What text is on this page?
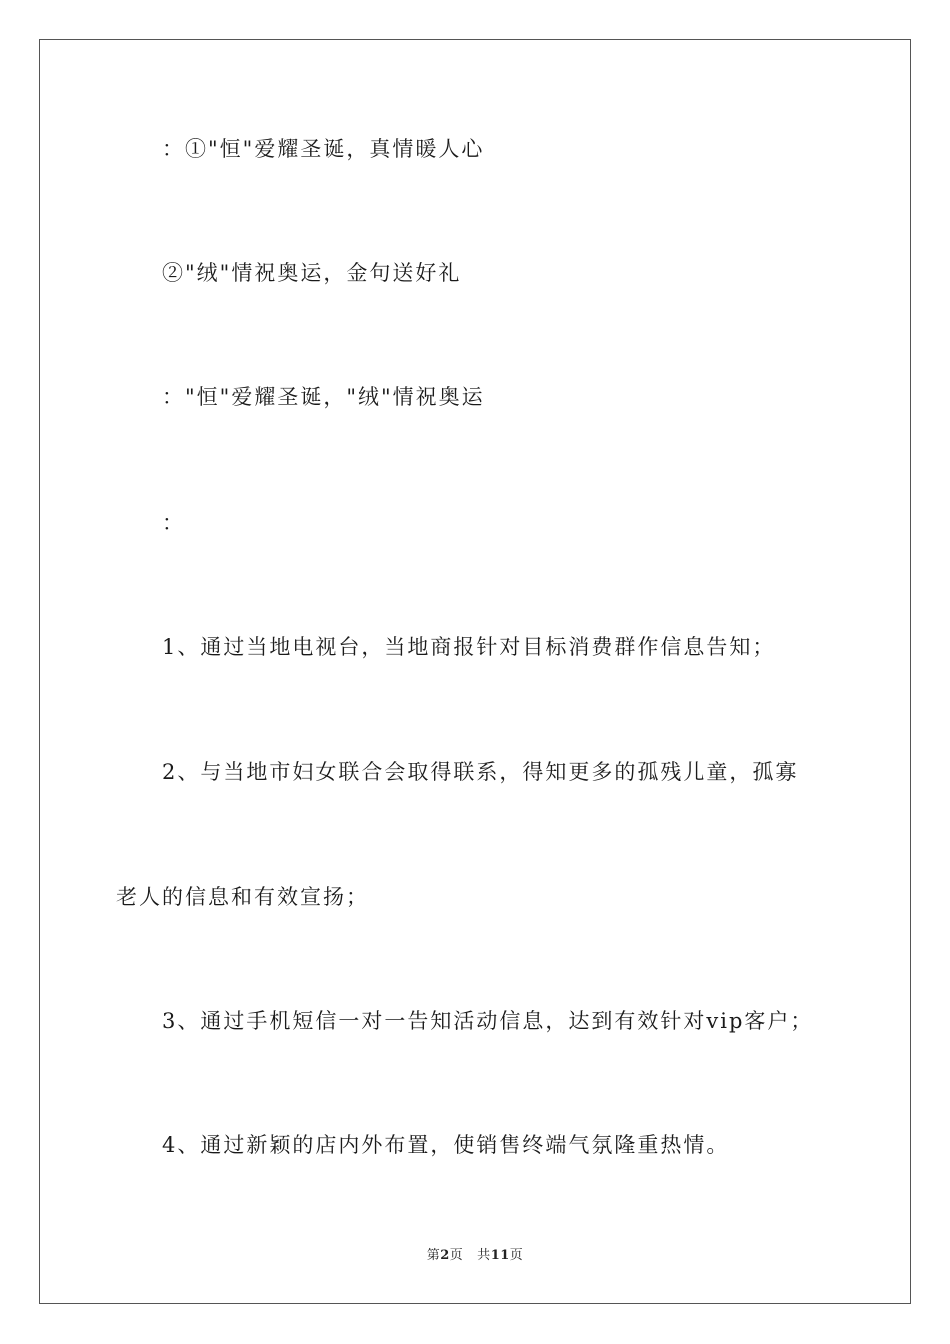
：①"恒"爱耀圣诞，真情暖人心

②"绒"情祝奥运，金句送好礼

："恒"爱耀圣诞，"绒"情祝奥运

：

1、通过当地电视台，当地商报针对目标消费群作信息告知；

2、与当地市妇女联合会取得联系，得知更多的孤残儿童，孤寡

老人的信息和有效宣扬；

3、通过手机短信一对一告知活动信息，达到有效针对vip客户；

4、通过新颖的店内外布置，使销售终端气氛隆重热情。

第2页 共11页
